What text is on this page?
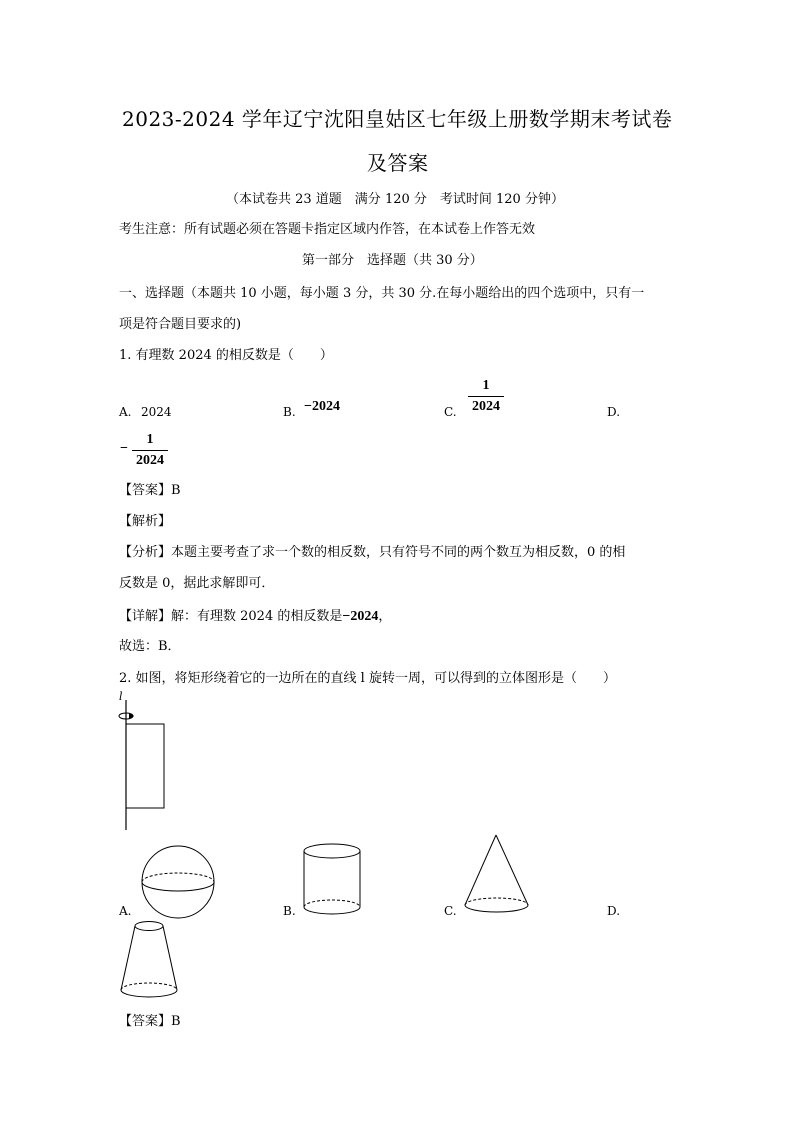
2023-2024 学年辽宁沈阳皇姑区七年级上册数学期末考试卷
及答案
（本试卷共 23 道题　满分 120 分　考试时间 120 分钟）
考生注意：所有试题必须在答题卡指定区域内作答，在本试卷上作答无效
第一部分　选择题（共 30 分）
一、选择题（本题共 10 小题，每小题 3 分，共 30 分.在每小题给出的四个选项中，只有一
项是符合题目要求的)
1. 有理数 2024 的相反数是（　　）
A. 2024	B. −2024	C.
1
2024	D.
−
1
2024
【答案】B
【解析】
【分析】本题主要考查了求一个数的相反数，只有符号不同的两个数互为相反数，0 的相
反数是 0，据此求解即可．
【详解】解：有理数 2024 的相反数是−2024，
故选：B．
2. 如图，将矩形绕着它的一边所在的直线 l 旋转一周，可以得到的立体图形是（　　）
l
A.	B.	C.	D.
【答案】B
